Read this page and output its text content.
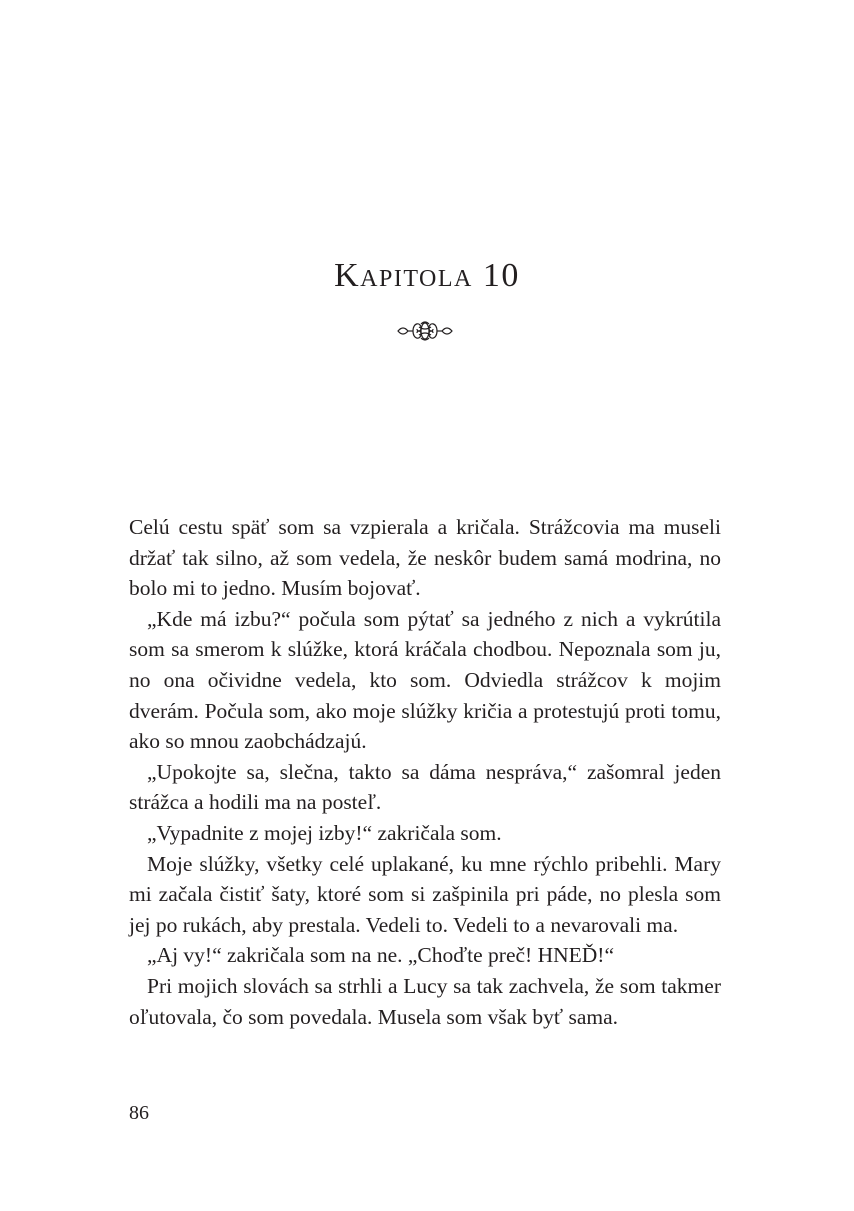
Kapitola 10

Celú cestu späť som sa vzpierala a kričala. Strážcovia ma museli držať tak silno, až som vedela, že neskôr budem samá modrina, no bolo mi to jedno. Musím bojovať.

„Kde má izbu?“ počula som pýtať sa jedného z nich a vykrútila som sa smerom k slúžke, ktorá kráčala chodbou. Nepoznala som ju, no ona očividne vedela, kto som. Odviedla strážcov k mojim dverám. Počula som, ako moje slúžky kričia a protestujú proti tomu, ako so mnou zaobchádzajú.

„Upokojte sa, slečna, takto sa dáma nespráva,“ zašomral jeden strážca a hodili ma na posteľ.

„Vypadnite z mojej izby!“ zakričala som.

Moje slúžky, všetky celé uplakané, ku mne rýchlo pribehli. Mary mi začala čistiť šaty, ktoré som si zašpinila pri páde, no plesla som jej po rukách, aby prestala. Vedeli to. Vedeli to a nevarovali ma.

„Aj vy!“ zakričala som na ne. „Choďte preč! HNEĎ!“

Pri mojich slovách sa strhli a Lucy sa tak zachvela, že som takmer oľutovala, čo som povedala. Musela som však byť sama.

86
